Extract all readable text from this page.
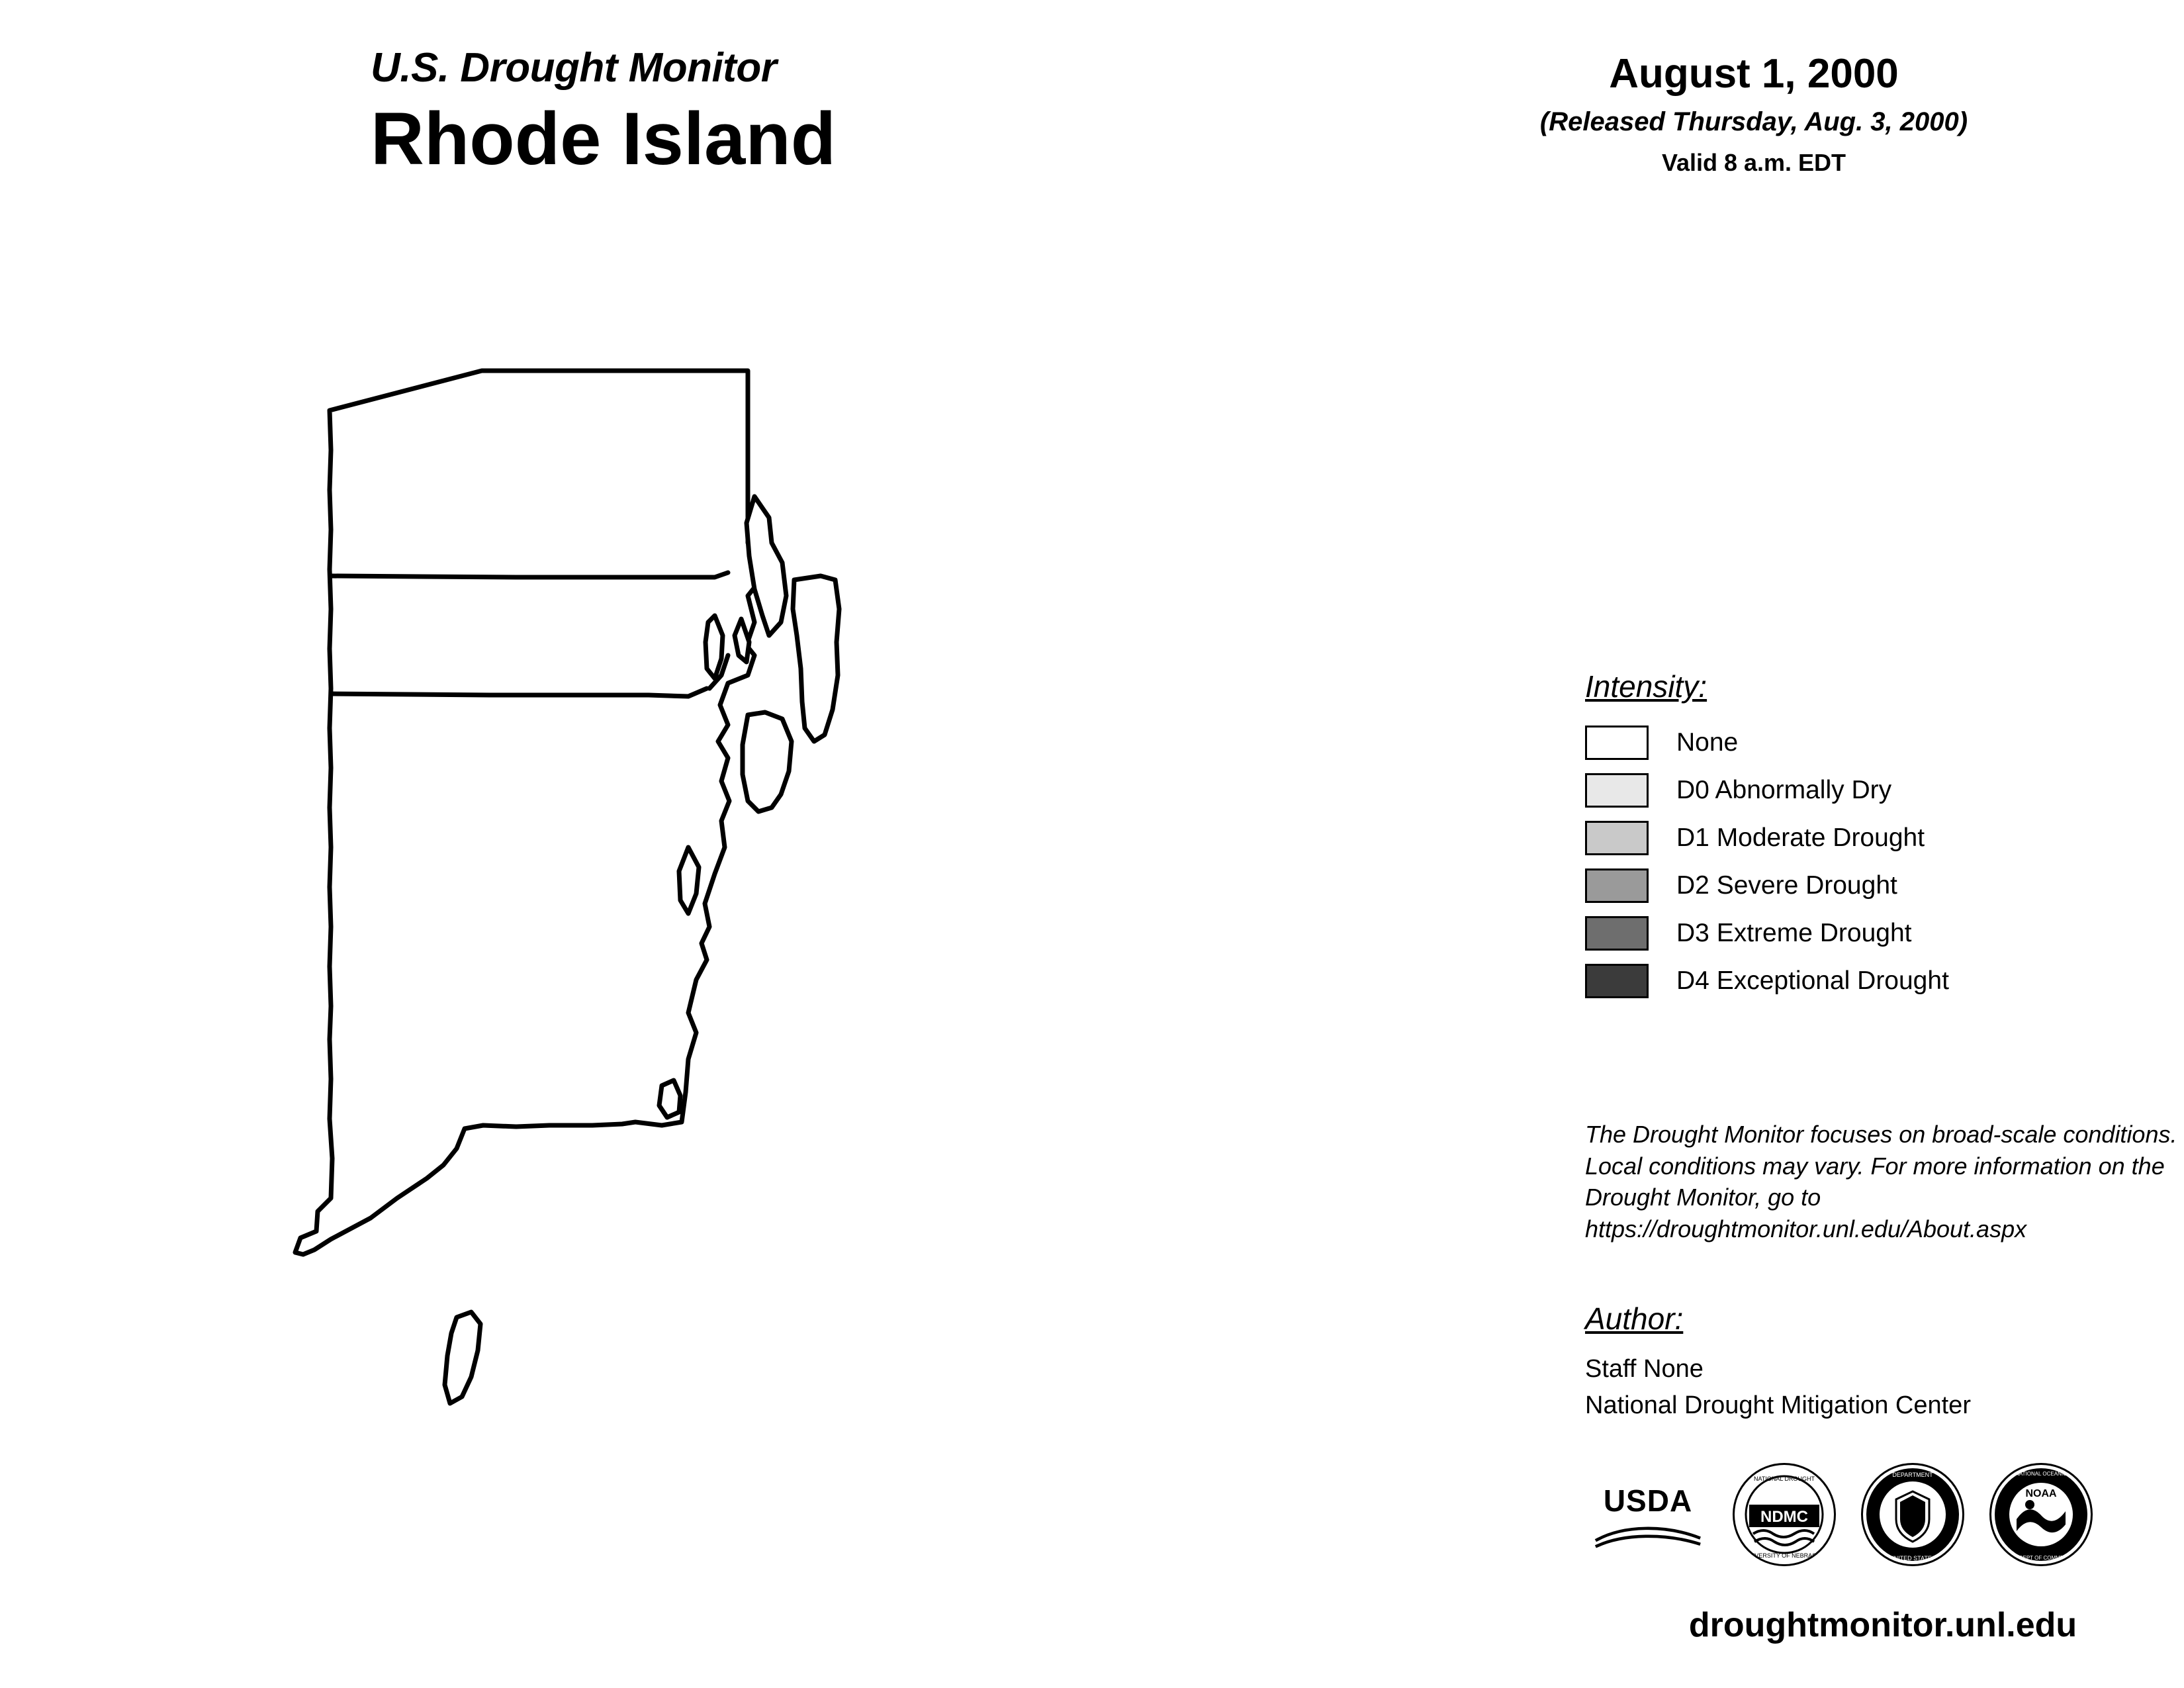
U.S. Drought Monitor
Rhode Island
August 1, 2000
(Released Thursday, Aug. 3, 2000)
Valid 8 a.m. EDT
Intensity:
None
D0 Abnormally Dry
D1 Moderate Drought
D2 Severe Drought
D3 Extreme Drought
D4 Exceptional Drought
The Drought Monitor focuses on broad-scale conditions. Local conditions may vary. For more information on the Drought Monitor, go to https://droughtmonitor.unl.edu/About.aspx
Author:
Staff None
National Drought Mitigation Center
USDA	NDMC
NATIONAL DROUGHT
UNIVERSITY OF NEBRASKA
DEPARTMENT
UNITED STATES
NOAA
NATIONAL OCEANIC
U.S. DEPT OF COMMERCE
droughtmonitor.unl.edu
